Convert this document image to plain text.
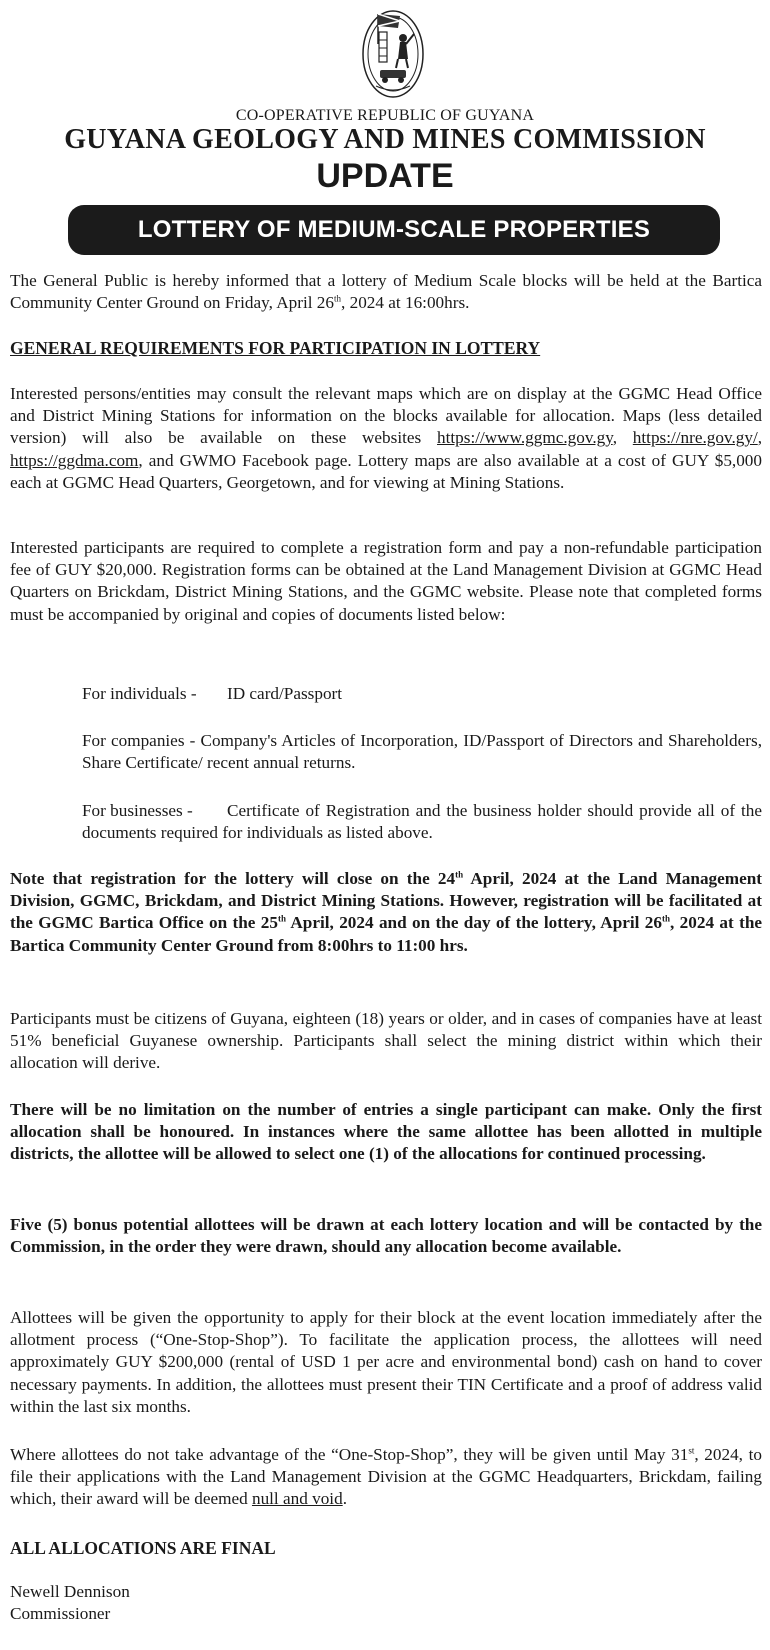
CO-OPERATIVE REPUBLIC OF GUYANA
GUYANA GEOLOGY AND MINES COMMISSION
UPDATE
LOTTERY OF MEDIUM-SCALE PROPERTIES

The General Public is hereby informed that a lottery of Medium Scale blocks will be held at the Bartica Community Center Ground on Friday, April 26th, 2024 at 16:00hrs.

GENERAL REQUIREMENTS FOR PARTICIPATION IN LOTTERY

Interested persons/entities may consult the relevant maps which are on display at the GGMC Head Office and District Mining Stations for information on the blocks available for allocation. Maps (less detailed version) will also be available on these websites https://www.ggmc.gov.gy, https://nre.gov.gy/, https://ggdma.com, and GWMO Facebook page. Lottery maps are also available at a cost of GUY $5,000 each at GGMC Head Quarters, Georgetown, and for viewing at Mining Stations.

Interested participants are required to complete a registration form and pay a non-refundable participation fee of GUY $20,000. Registration forms can be obtained at the Land Management Division at GGMC Head Quarters on Brickdam, District Mining Stations, and the GGMC website. Please note that completed forms must be accompanied by original and copies of documents listed below:

For individuals - ID card/Passport

For companies - Company's Articles of Incorporation, ID/Passport of Directors and Shareholders, Share Certificate/ recent annual returns.

For businesses - Certificate of Registration and the business holder should provide all of the documents required for individuals as listed above.

Note that registration for the lottery will close on the 24th April, 2024 at the Land Management Division, GGMC, Brickdam, and District Mining Stations. However, registration will be facilitated at the GGMC Bartica Office on the 25th April, 2024 and on the day of the lottery, April 26th, 2024 at the Bartica Community Center Ground from 8:00hrs to 11:00 hrs.

Participants must be citizens of Guyana, eighteen (18) years or older, and in cases of companies have at least 51% beneficial Guyanese ownership. Participants shall select the mining district within which their allocation will derive.

There will be no limitation on the number of entries a single participant can make. Only the first allocation shall be honoured. In instances where the same allottee has been allotted in multiple districts, the allottee will be allowed to select one (1) of the allocations for continued processing.

Five (5) bonus potential allottees will be drawn at each lottery location and will be contacted by the Commission, in the order they were drawn, should any allocation become available.

Allottees will be given the opportunity to apply for their block at the event location immediately after the allotment process (“One-Stop-Shop”). To facilitate the application process, the allottees will need approximately GUY $200,000 (rental of USD 1 per acre and environmental bond) cash on hand to cover necessary payments. In addition, the allottees must present their TIN Certificate and a proof of address valid within the last six months.

Where allottees do not take advantage of the “One-Stop-Shop”, they will be given until May 31st, 2024, to file their applications with the Land Management Division at the GGMC Headquarters, Brickdam, failing which, their award will be deemed null and void.

ALL ALLOCATIONS ARE FINAL

Newell Dennison

Commissioner
